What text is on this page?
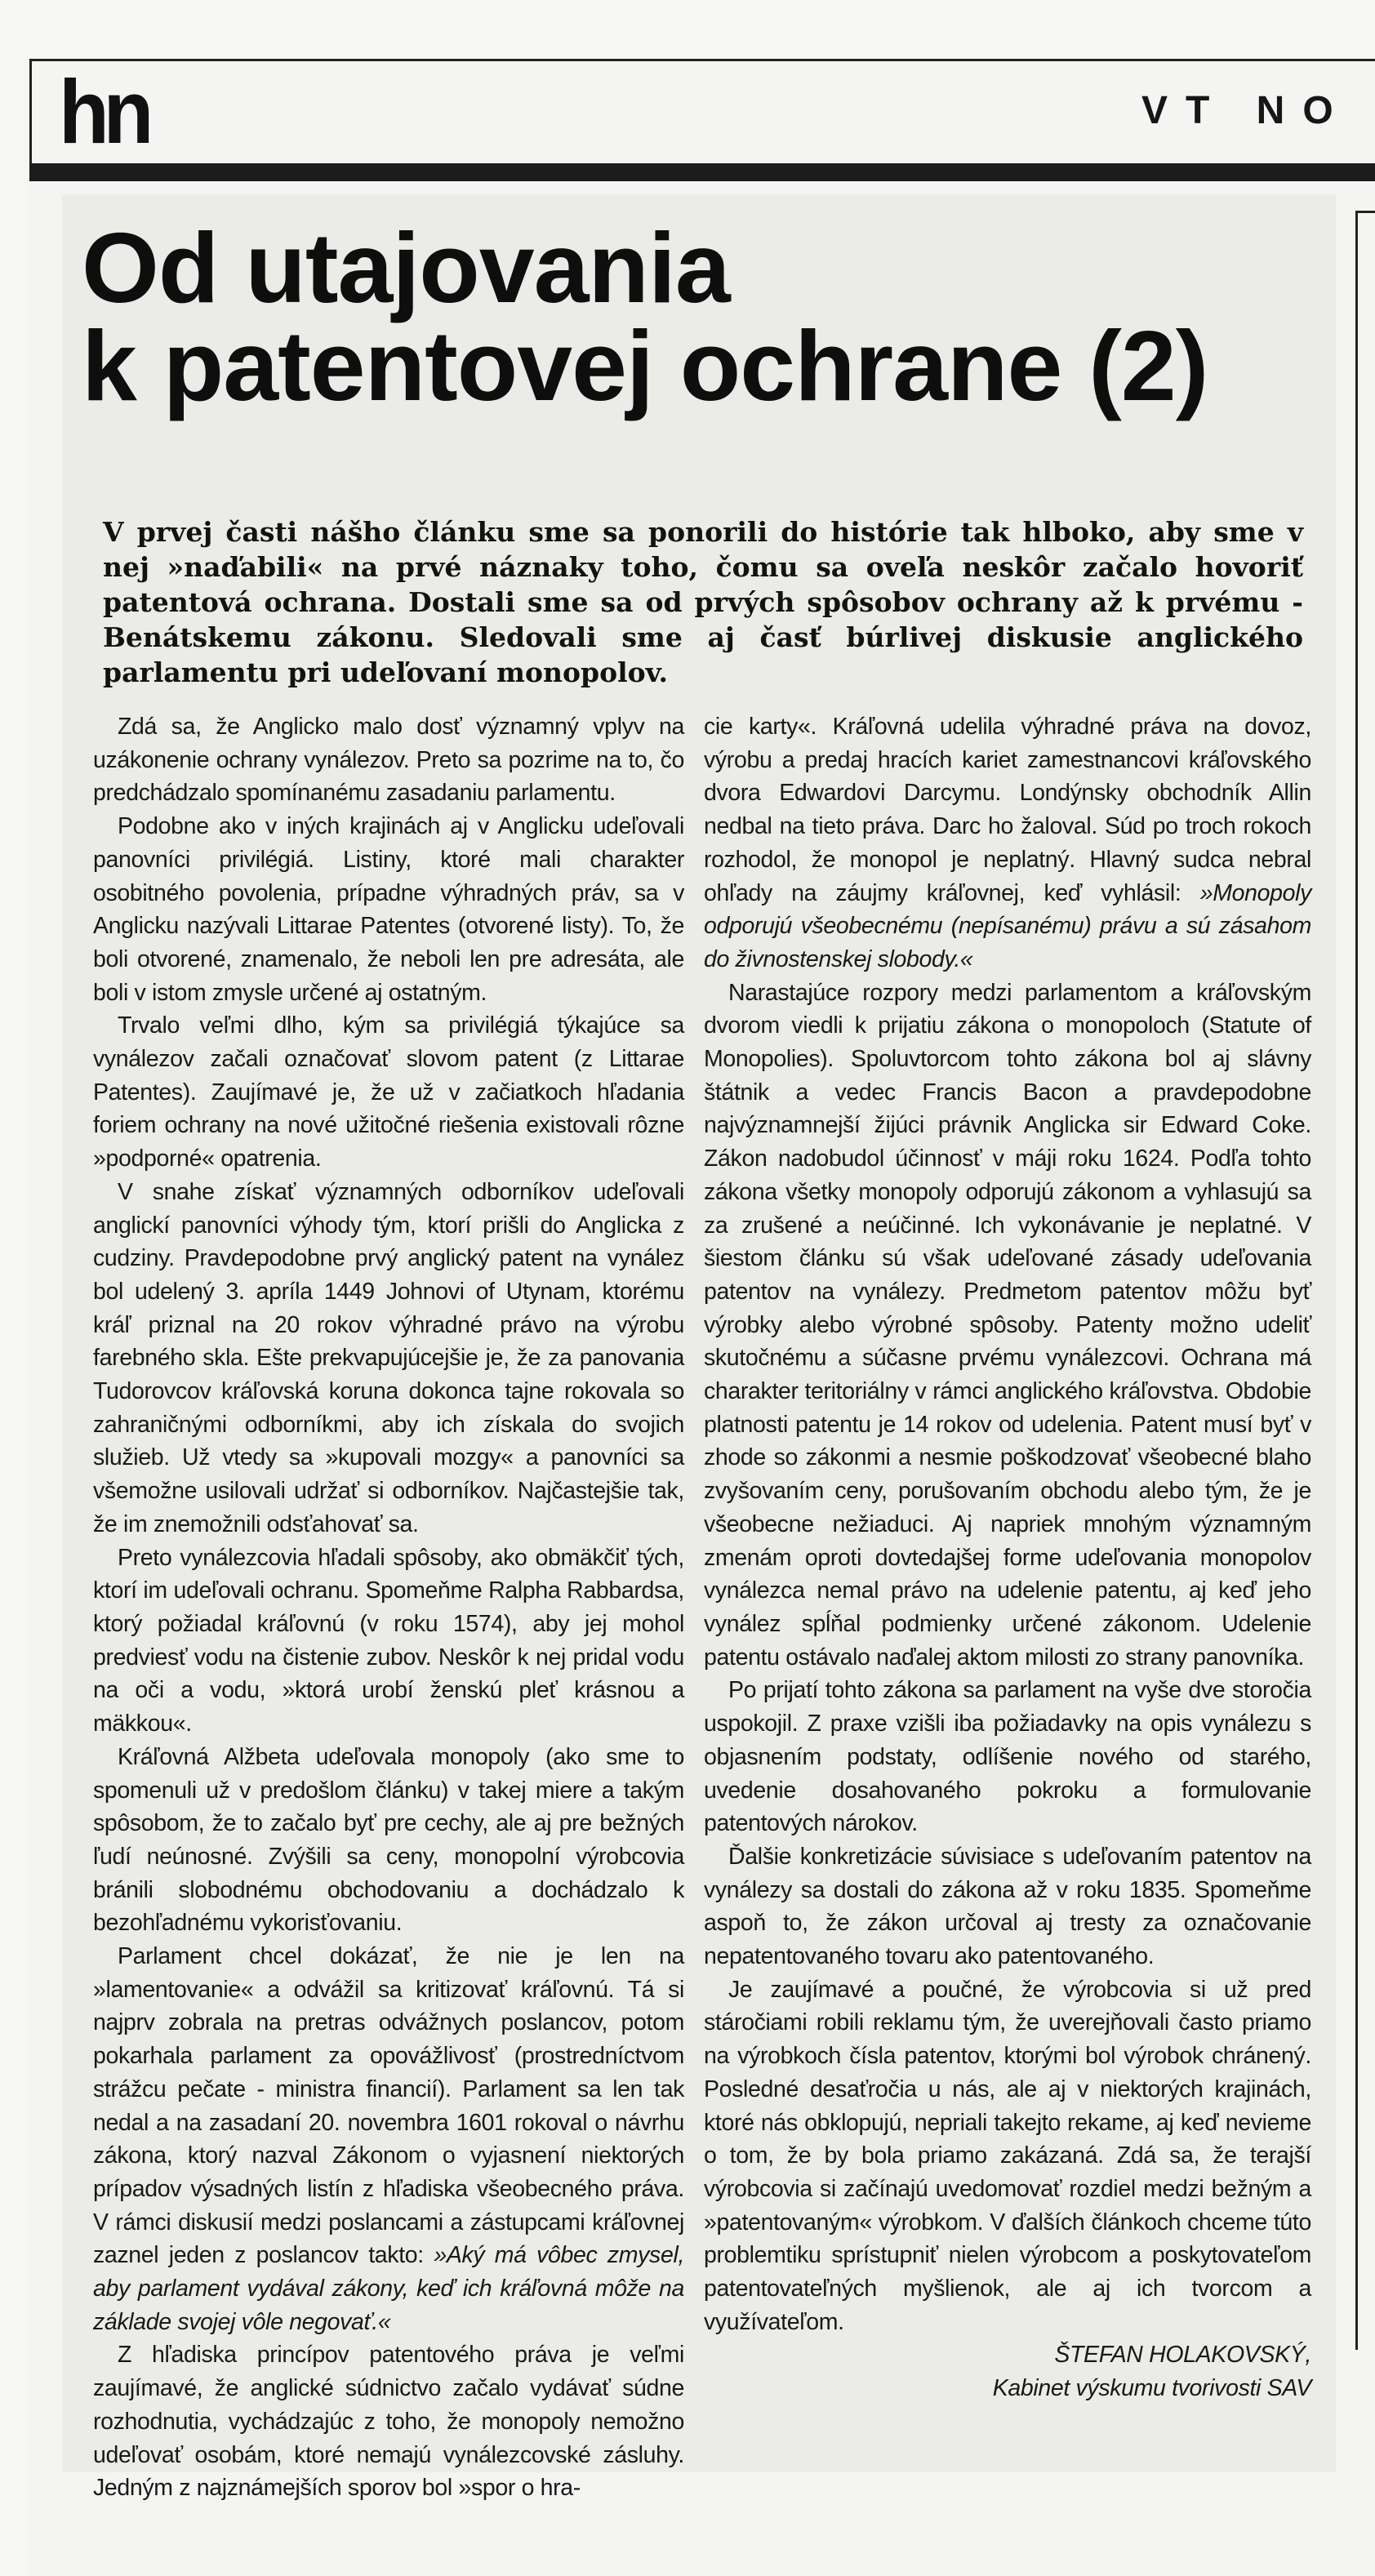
hn	VT NO
Od utajovania
k patentovej ochrane (2)

V prvej časti nášho článku sme sa ponorili do histórie tak hlboko, aby sme v nej »naďabili« na prvé náznaky toho, čomu sa oveľa neskôr začalo hovoriť patentová ochrana. Dostali sme sa od prvých spôsobov ochrany až k prvému - Benátskemu zákonu. Sledovali sme aj časť búrlivej diskusie anglického parlamentu pri udeľovaní monopolov.

Zdá sa, že Anglicko malo dosť významný vplyv na uzákonenie ochrany vynálezov. Preto sa pozrime na to, čo predchádzalo spomínanému zasadaniu parlamentu.

Podobne ako v iných krajinách aj v Anglicku udeľovali panovníci privilégiá. Listiny, ktoré mali charakter osobitného povolenia, prípadne výhradných práv, sa v Anglicku nazývali Littarae Patentes (otvorené listy). To, že boli otvorené, znamenalo, že neboli len pre adresáta, ale boli v istom zmysle určené aj ostatným.

Trvalo veľmi dlho, kým sa privilégiá týkajúce sa vynálezov začali označovať slovom patent (z Littarae Patentes). Zaujímavé je, že už v začiatkoch hľadania foriem ochrany na nové užitočné riešenia existovali rôzne »podporné« opatrenia.

V snahe získať významných odborníkov udeľovali anglickí panovníci výhody tým, ktorí prišli do Anglicka z cudziny. Pravdepodobne prvý anglický patent na vynález bol udelený 3. apríla 1449 Johnovi of Utynam, ktorému kráľ priznal na 20 rokov výhradné právo na výrobu farebného skla. Ešte prekvapujúcejšie je, že za panovania Tudorovcov kráľovská koruna dokonca tajne rokovala so zahraničnými odborníkmi, aby ich získala do svojich služieb. Už vtedy sa »kupovali mozgy« a panovníci sa všemožne usilovali udržať si odborníkov. Najčastejšie tak, že im znemožnili odsťahovať sa.

Preto vynálezcovia hľadali spôsoby, ako obmäkčiť tých, ktorí im udeľovali ochranu. Spomeňme Ralpha Rabbardsa, ktorý požiadal kráľovnú (v roku 1574), aby jej mohol predviesť vodu na čistenie zubov. Neskôr k nej pridal vodu na oči a vodu, »ktorá urobí ženskú pleť krásnou a mäkkou«.

Kráľovná Alžbeta udeľovala monopoly (ako sme to spomenuli už v predošlom článku) v takej miere a takým spôsobom, že to začalo byť pre cechy, ale aj pre bežných ľudí neúnosné. Zvýšili sa ceny, monopolní výrobcovia bránili slobodnému obchodovaniu a dochádzalo k bezohľadnému vykorisťovaniu.

Parlament chcel dokázať, že nie je len na »lamentovanie« a odvážil sa kritizovať kráľovnú. Tá si najprv zobrala na pretras odvážnych poslancov, potom pokarhala parlament za opovážlivosť (prostredníctvom strážcu pečate - ministra financií). Parlament sa len tak nedal a na zasadaní 20. novembra 1601 rokoval o návrhu zákona, ktorý nazval Zákonom o vyjasnení niektorých prípadov výsadných listín z hľadiska všeobecného práva. V rámci diskusií medzi poslancami a zástupcami kráľovnej zaznel jeden z poslancov takto: »Aký má vôbec zmysel, aby parlament vydával zákony, keď ich kráľovná môže na základe svojej vôle negovať.«

Z hľadiska princípov patentového práva je veľmi zaujímavé, že anglické súdnictvo začalo vydávať súdne rozhodnutia, vychádzajúc z toho, že monopoly nemožno udeľovať osobám, ktoré nemajú vynálezcovské zásluhy. Jedným z najznámejších sporov bol »spor o hra-

cie karty«. Kráľovná udelila výhradné práva na dovoz, výrobu a predaj hracích kariet zamestnancovi kráľovského dvora Edwardovi Darcymu. Londýnsky obchodník Allin nedbal na tieto práva. Darc ho žaloval. Súd po troch rokoch rozhodol, že monopol je neplatný. Hlavný sudca nebral ohľady na záujmy kráľovnej, keď vyhlásil: »Monopoly odporujú všeobecnému (nepísanému) právu a sú zásahom do živnostenskej slobody.«

Narastajúce rozpory medzi parlamentom a kráľovským dvorom viedli k prijatiu zákona o monopoloch (Statute of Monopolies). Spoluvtorcom tohto zákona bol aj slávny štátnik a vedec Francis Bacon a pravdepodobne najvýznamnejší žijúci právnik Anglicka sir Edward Coke. Zákon nadobudol účinnosť v máji roku 1624. Podľa tohto zákona všetky monopoly odporujú zákonom a vyhlasujú sa za zrušené a neúčinné. Ich vykonávanie je neplatné. V šiestom článku sú však udeľované zásady udeľovania patentov na vynálezy. Predmetom patentov môžu byť výrobky alebo výrobné spôsoby. Patenty možno udeliť skutočnému a súčasne prvému vynálezcovi. Ochrana má charakter teritoriálny v rámci anglického kráľovstva. Obdobie platnosti patentu je 14 rokov od udelenia. Patent musí byť v zhode so zákonmi a nesmie poškodzovať všeobecné blaho zvyšovaním ceny, porušovaním obchodu alebo tým, že je všeobecne nežiaduci. Aj napriek mnohým významným zmenám oproti dovtedajšej forme udeľovania monopolov vynálezca nemal právo na udelenie patentu, aj keď jeho vynález spĺňal podmienky určené zákonom. Udelenie patentu ostávalo naďalej aktom milosti zo strany panovníka.

Po prijatí tohto zákona sa parlament na vyše dve storočia uspokojil. Z praxe vzišli iba požiadavky na opis vynálezu s objasnením podstaty, odlíšenie nového od starého, uvedenie dosahovaného pokroku a formulovanie patentových nárokov.

Ďalšie konkretizácie súvisiace s udeľovaním patentov na vynálezy sa dostali do zákona až v roku 1835. Spomeňme aspoň to, že zákon určoval aj tresty za označovanie nepatentovaného tovaru ako patentovaného.

Je zaujímavé a poučné, že výrobcovia si už pred stáročiami robili reklamu tým, že uverejňovali často priamo na výrobkoch čísla patentov, ktorými bol výrobok chránený. Posledné desaťročia u nás, ale aj v niektorých krajinách, ktoré nás obklopujú, nepriali takejto rekame, aj keď nevieme o tom, že by bola priamo zakázaná. Zdá sa, že terajší výrobcovia si začínajú uvedomovať rozdiel medzi bežným a »patentovaným« výrobkom. V ďalších článkoch chceme túto problemtiku sprístupniť nielen výrobcom a poskytovateľom patentovateľných myšlienok, ale aj ich tvorcom a využívateľom.

ŠTEFAN HOLAKOVSKÝ,

Kabinet výskumu tvorivosti SAV
